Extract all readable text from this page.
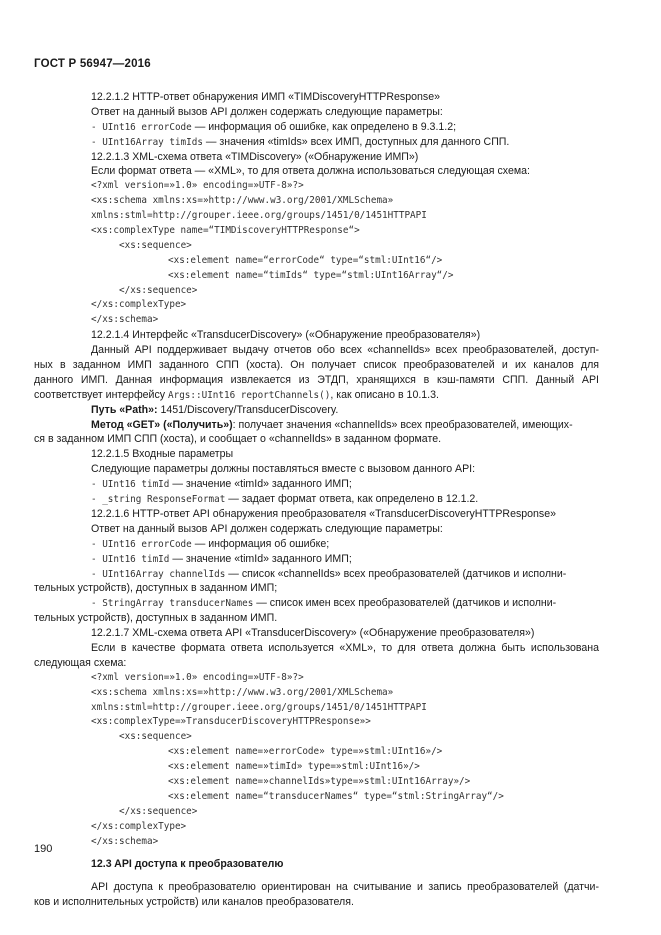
ГОСТ Р 56947—2016
12.2.1.2 HTTP-ответ обнаружения ИМП «TIMDiscoveryHTTPResponse»
Ответ на данный вызов API должен содержать следующие параметры:
- UInt16 errorCode — информация об ошибке, как определено в 9.3.1.2;
- UInt16Array timIds — значения «timIds» всех ИМП, доступных для данного СПП.
12.2.1.3 XML-схема ответа «TIMDiscovery» («Обнаружение ИМП»)
Если формат ответа — «XML», то для ответа должна использоваться следующая схема:
<?xml version=»1.0» encoding=»UTF-8»?>
<xs:schema xmlns:xs=»http://www.w3.org/2001/XMLSchema»
xmlns:stml=http://grouper.ieee.org/groups/1451/0/1451HTTPAPI
<xs:complexType name=“TIMDiscoveryHTTPResponse“>
<xs:sequence>
<xs:element name=“errorCode“ type=“stml:UInt16“/>
<xs:element name=“timIds“ type=“stml:UInt16Array“/>
</xs:sequence>
</xs:complexType>
</xs:schema>
12.2.1.4 Интерфейс «TransducerDiscovery» («Обнаружение преобразователя»)
Данный API поддерживает выдачу отчетов обо всех «channelIds» всех преобразователей, доступ-
ных в заданном ИМП заданного СПП (хоста). Он получает список преобразователей и их каналов для
данного ИМП. Данная информация извлекается из ЭТДП, хранящихся в кэш-памяти СПП. Данный API
соответствует интерфейсу Args::UInt16 reportChannels(), как описано в 10.1.3.
Путь «Path»: 1451/Discovery/TransducerDiscovery.
Метод «GET» («Получить»): получает значения «channelIds» всех преобразователей, имеющих-
ся в заданном ИМП СПП (хоста), и сообщает о «channelIds» в заданном формате.
12.2.1.5 Входные параметры
Следующие параметры должны поставляться вместе с вызовом данного API:
- UInt16 timId — значение «timId» заданного ИМП;
- _string ResponseFormat — задает формат ответа, как определено в 12.1.2.
12.2.1.6 HTTP-ответ API обнаружения преобразователя «TransducerDiscoveryHTTPResponse»
Ответ на данный вызов API должен содержать следующие параметры:
- UInt16 errorCode — информация об ошибке;
- UInt16 timId — значение «timId» заданного ИМП;
- UInt16Array channelIds — список «channelIds» всех преобразователей (датчиков и исполни-
тельных устройств), доступных в заданном ИМП;
- StringArray transducerNames — список имен всех преобразователей (датчиков и исполни-
тельных устройств), доступных в заданном ИМП.
12.2.1.7 XML-схема ответа API «TransducerDiscovery» («Обнаружение преобразователя»)
Если в качестве формата ответа используется «XML», то для ответа должна быть использована
следующая схема:
<?xml version=»1.0» encoding=»UTF-8»?>
<xs:schema xmlns:xs=»http://www.w3.org/2001/XMLSchema»
xmlns:stml=http://grouper.ieee.org/groups/1451/0/1451HTTPAPI
<xs:complexType=»TransducerDiscoveryHTTPResponse»>
<xs:sequence>
<xs:element name=»errorCode» type=»stml:UInt16»/>
<xs:element name=»timId» type=»stml:UInt16»/>
<xs:element name=»channelIds»type=»stml:UInt16Array»/>
<xs:element name=“transducerNames“ type=“stml:StringArray“/>
</xs:sequence>
</xs:complexType>
</xs:schema>
12.3 API доступа к преобразователю
API доступа к преобразователю ориентирован на считывание и запись преобразователей (датчи-
ков и исполнительных устройств) или каналов преобразователя.
190
